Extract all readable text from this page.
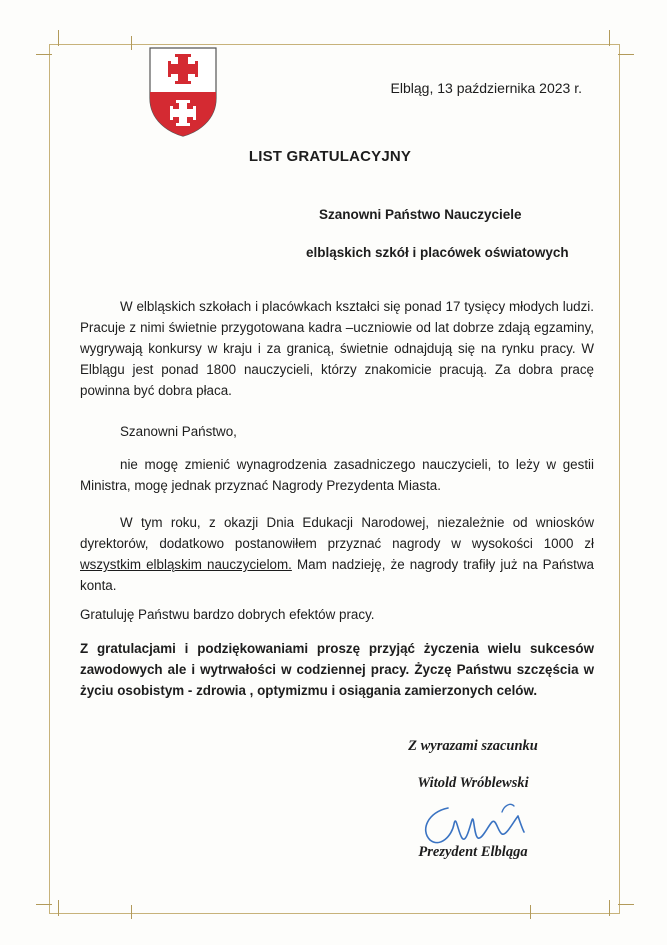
Elbląg, 13 października 2023 r.
LIST GRATULACYJNY
Szanowni Państwo Nauczyciele
elbląskich szkół i placówek oświatowych
W elbląskich szkołach i placówkach kształci się ponad 17 tysięcy młodych ludzi. Pracuje z nimi świetnie przygotowana kadra –uczniowie od lat dobrze zdają egzaminy, wygrywają konkursy w kraju i za granicą, świetnie odnajdują się na rynku pracy. W Elblągu jest ponad 1800 nauczycieli, którzy znakomicie pracują. Za dobra pracę powinna być dobra płaca.
Szanowni Państwo,
nie mogę zmienić wynagrodzenia zasadniczego nauczycieli, to leży w gestii Ministra, mogę jednak przyznać Nagrody Prezydenta Miasta.
W tym roku, z okazji Dnia Edukacji Narodowej, niezależnie od wniosków dyrektorów, dodatkowo postanowiłem przyznać nagrody w wysokości 1000 zł wszystkim elbląskim nauczycielom. Mam nadzieję, że nagrody trafiły już na Państwa konta.
Gratuluję Państwu bardzo dobrych efektów pracy.
Z gratulacjami i podziękowaniami proszę przyjąć życzenia wielu sukcesów zawodowych ale i wytrwałości w codziennej pracy. Życzę Państwu szczęścia w życiu osobistym - zdrowia , optymizmu i osiągania zamierzonych celów.
Z wyrazami szacunku
Witold Wróblewski
Prezydent Elbląga
